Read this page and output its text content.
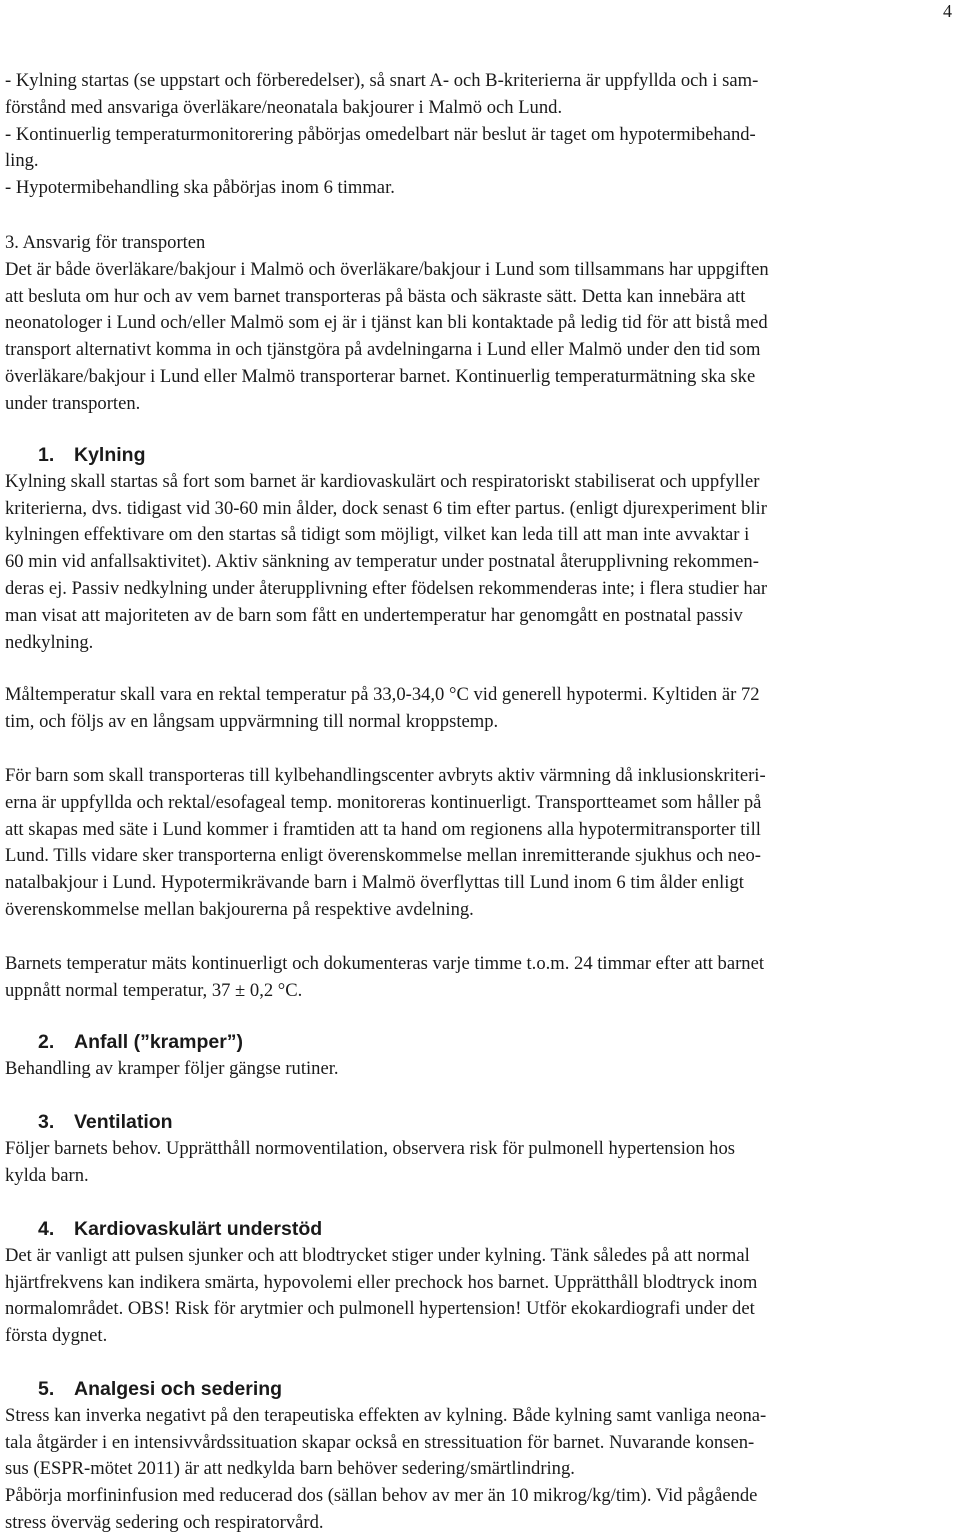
4

- Kylning startas (se uppstart och förberedelser), så snart A- och B-kriterierna är uppfyllda och i sam-

förstånd med ansvariga överläkare/neonatala bakjourer i Malmö och Lund.

- Kontinuerlig temperaturmonitorering påbörjas omedelbart när beslut är taget om hypotermibehand-

ling.

- Hypotermibehandling ska påbörjas inom 6 timmar.

3. Ansvarig för transporten

Det är både överläkare/bakjour i Malmö och överläkare/bakjour i Lund som tillsammans har uppgiften

att besluta om hur och av vem barnet transporteras på bästa och säkraste sätt. Detta kan innebära att

neonatologer i Lund och/eller Malmö som ej är i tjänst kan bli kontaktade på ledig tid för att bistå med

transport alternativt komma in och tjänstgöra på avdelningarna i Lund eller Malmö under den tid som

överläkare/bakjour i Lund eller Malmö transporterar barnet. Kontinuerlig temperaturmätning ska ske

under transporten.

1. Kylning

Kylning skall startas så fort som barnet är kardiovaskulärt och respiratoriskt stabiliserat och uppfyller

kriterierna, dvs. tidigast vid 30-60 min ålder, dock senast 6 tim efter partus. (enligt djurexperiment blir

kylningen effektivare om den startas så tidigt som möjligt, vilket kan leda till att man inte avvaktar i

60 min vid anfallsaktivitet). Aktiv sänkning av temperatur under postnatal återupplivning rekommen-

deras ej. Passiv nedkylning under återupplivning efter födelsen rekommenderas inte; i flera studier har

man visat att majoriteten av de barn som fått en undertemperatur har genomgått en postnatal passiv

nedkylning.

Måltemperatur skall vara en rektal temperatur på 33,0-34,0 °C vid generell hypotermi. Kyltiden är 72

tim, och följs av en långsam uppvärmning till normal kroppstemp.

För barn som skall transporteras till kylbehandlingscenter avbryts aktiv värmning då inklusionskriteri-

erna är uppfyllda och rektal/esofageal temp. monitoreras kontinuerligt. Transportteamet som håller på

att skapas med säte i Lund kommer i framtiden att ta hand om regionens alla hypotermitransporter till

Lund. Tills vidare sker transporterna enligt överenskommelse mellan inremitterande sjukhus och neo-

natalbakjour i Lund. Hypotermikrävande barn i Malmö överflyttas till Lund inom 6 tim ålder enligt

överenskommelse mellan bakjourerna på respektive avdelning.

Barnets temperatur mäts kontinuerligt och dokumenteras varje timme t.o.m. 24 timmar efter att barnet

uppnått normal temperatur, 37 ± 0,2 °C.

2. Anfall (”kramper”)

Behandling av kramper följer gängse rutiner.

3. Ventilation

Följer barnets behov. Upprätthåll normoventilation, observera risk för pulmonell hypertension hos

kylda barn.

4. Kardiovaskulärt understöd

Det är vanligt att pulsen sjunker och att blodtrycket stiger under kylning. Tänk således på att normal

hjärtfrekvens kan indikera smärta, hypovolemi eller prechock hos barnet. Upprätthåll blodtryck inom

normalområdet. OBS! Risk för arytmier och pulmonell hypertension! Utför ekokardiografi under det

första dygnet.

5. Analgesi och sedering

Stress kan inverka negativt på den terapeutiska effekten av kylning. Både kylning samt vanliga neona-

tala åtgärder i en intensivvårdssituation skapar också en stressituation för barnet. Nuvarande konsen-

sus (ESPR-mötet 2011) är att nedkylda barn behöver sedering/smärtlindring.

Påbörja morfininfusion med reducerad dos (sällan behov av mer än 10 mikrog/kg/tim). Vid pågående

stress överväg sedering och respiratorvård.
